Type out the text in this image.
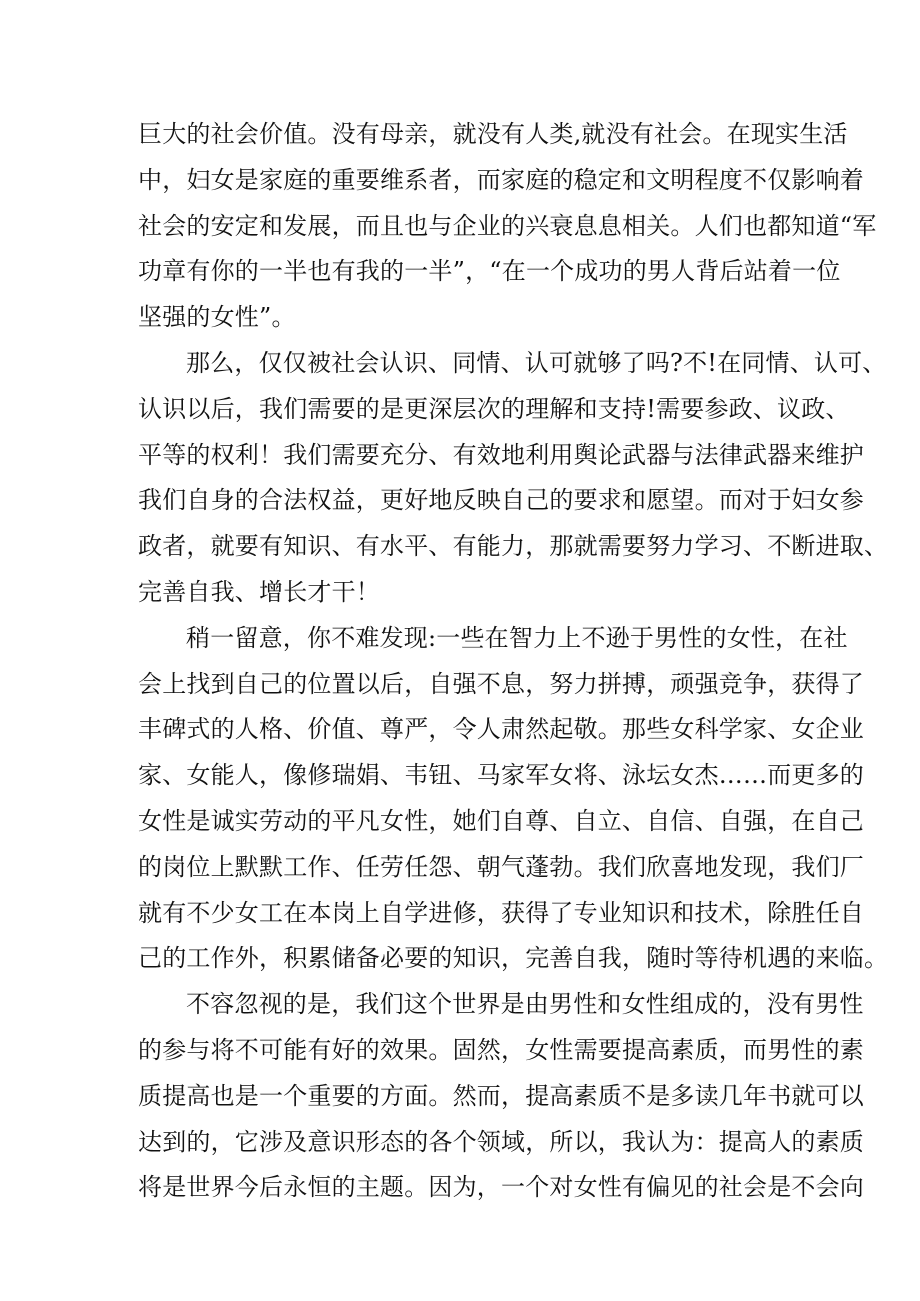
巨大的社会价值。没有母亲，就没有人类,就没有社会。在现实生活
中，妇女是家庭的重要维系者，而家庭的稳定和文明程度不仅影响着
社会的安定和发展，而且也与企业的兴衰息息相关。人们也都知道“军
功章有你的一半也有我的一半”，“在一个成功的男人背后站着一位
坚强的女性”。
那么，仅仅被社会认识、同情、认可就够了吗?不!在同情、认可、
认识以后，我们需要的是更深层次的理解和支持!需要参政、议政、
平等的权利！我们需要充分、有效地利用舆论武器与法律武器来维护
我们自身的合法权益，更好地反映自己的要求和愿望。而对于妇女参
政者，就要有知识、有水平、有能力，那就需要努力学习、不断进取、
完善自我、增长才干！
稍一留意，你不难发现:一些在智力上不逊于男性的女性，在社
会上找到自己的位置以后，自强不息，努力拼搏，顽强竞争，获得了
丰碑式的人格、价值、尊严，令人肃然起敬。那些女科学家、女企业
家、女能人，像修瑞娟、韦钮、马家军女将、泳坛女杰……而更多的
女性是诚实劳动的平凡女性，她们自尊、自立、自信、自强，在自己
的岗位上默默工作、任劳任怨、朝气蓬勃。我们欣喜地发现，我们厂
就有不少女工在本岗上自学进修，获得了专业知识和技术，除胜任自
己的工作外，积累储备必要的知识，完善自我，随时等待机遇的来临。
不容忽视的是，我们这个世界是由男性和女性组成的，没有男性
的参与将不可能有好的效果。固然，女性需要提高素质，而男性的素
质提高也是一个重要的方面。然而，提高素质不是多读几年书就可以
达到的，它涉及意识形态的各个领域，所以，我认为：提高人的素质
将是世界今后永恒的主题。因为，一个对女性有偏见的社会是不会向
